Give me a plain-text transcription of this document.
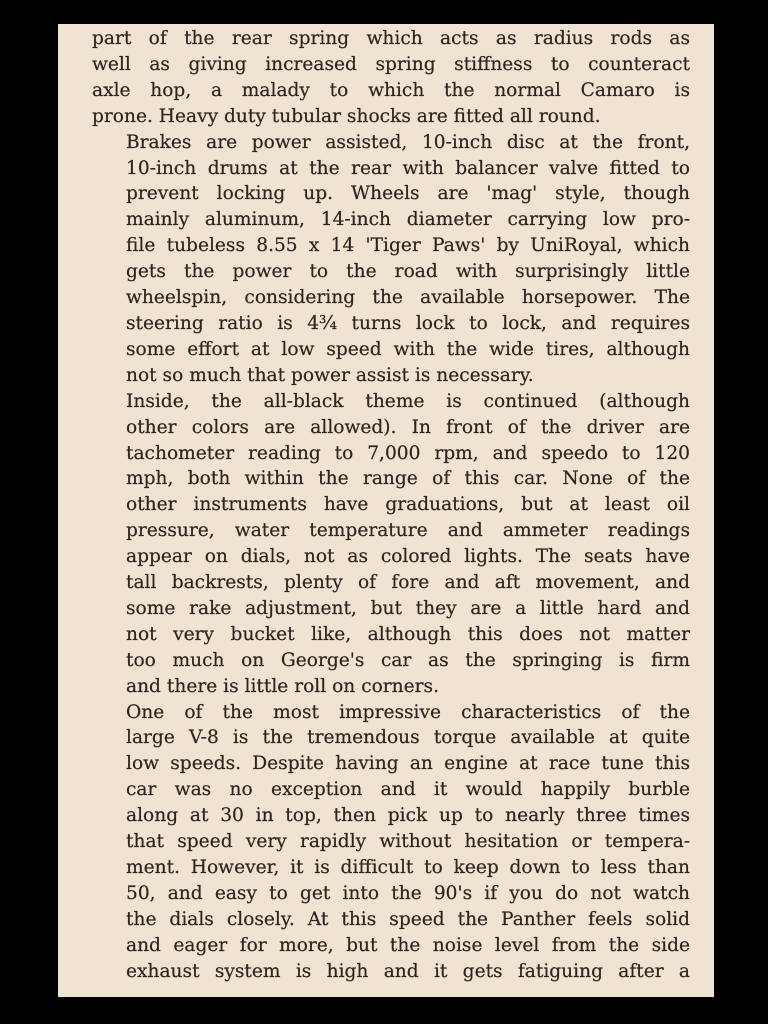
part of the rear spring which acts as radius rods as
well as giving increased spring stiffness to counteract
axle hop, a malady to which the normal Camaro is
prone. Heavy duty tubular shocks are fitted all round.

Brakes are power assisted, 10-inch disc at the front,
10-inch drums at the rear with balancer valve fitted to
prevent locking up. Wheels are 'mag' style, though
mainly aluminum, 14-inch diameter carrying low pro-
file tubeless 8.55 x 14 'Tiger Paws' by UniRoyal, which
gets the power to the road with surprisingly little
wheelspin, considering the available horsepower. The
steering ratio is 4¾ turns lock to lock, and requires
some effort at low speed with the wide tires, although
not so much that power assist is necessary.

Inside, the all-black theme is continued (although
other colors are allowed). In front of the driver are
tachometer reading to 7,000 rpm, and speedo to 120
mph, both within the range of this car. None of the
other instruments have graduations, but at least oil
pressure, water temperature and ammeter readings
appear on dials, not as colored lights. The seats have
tall backrests, plenty of fore and aft movement, and
some rake adjustment, but they are a little hard and
not very bucket like, although this does not matter
too much on George's car as the springing is firm
and there is little roll on corners.

One of the most impressive characteristics of the
large V-8 is the tremendous torque available at quite
low speeds. Despite having an engine at race tune this
car was no exception and it would happily burble
along at 30 in top, then pick up to nearly three times
that speed very rapidly without hesitation or tempera-
ment. However, it is difficult to keep down to less than
50, and easy to get into the 90's if you do not watch
the dials closely. At this speed the Panther feels solid
and eager for more, but the noise level from the side
exhaust system is high and it gets fatiguing after a
